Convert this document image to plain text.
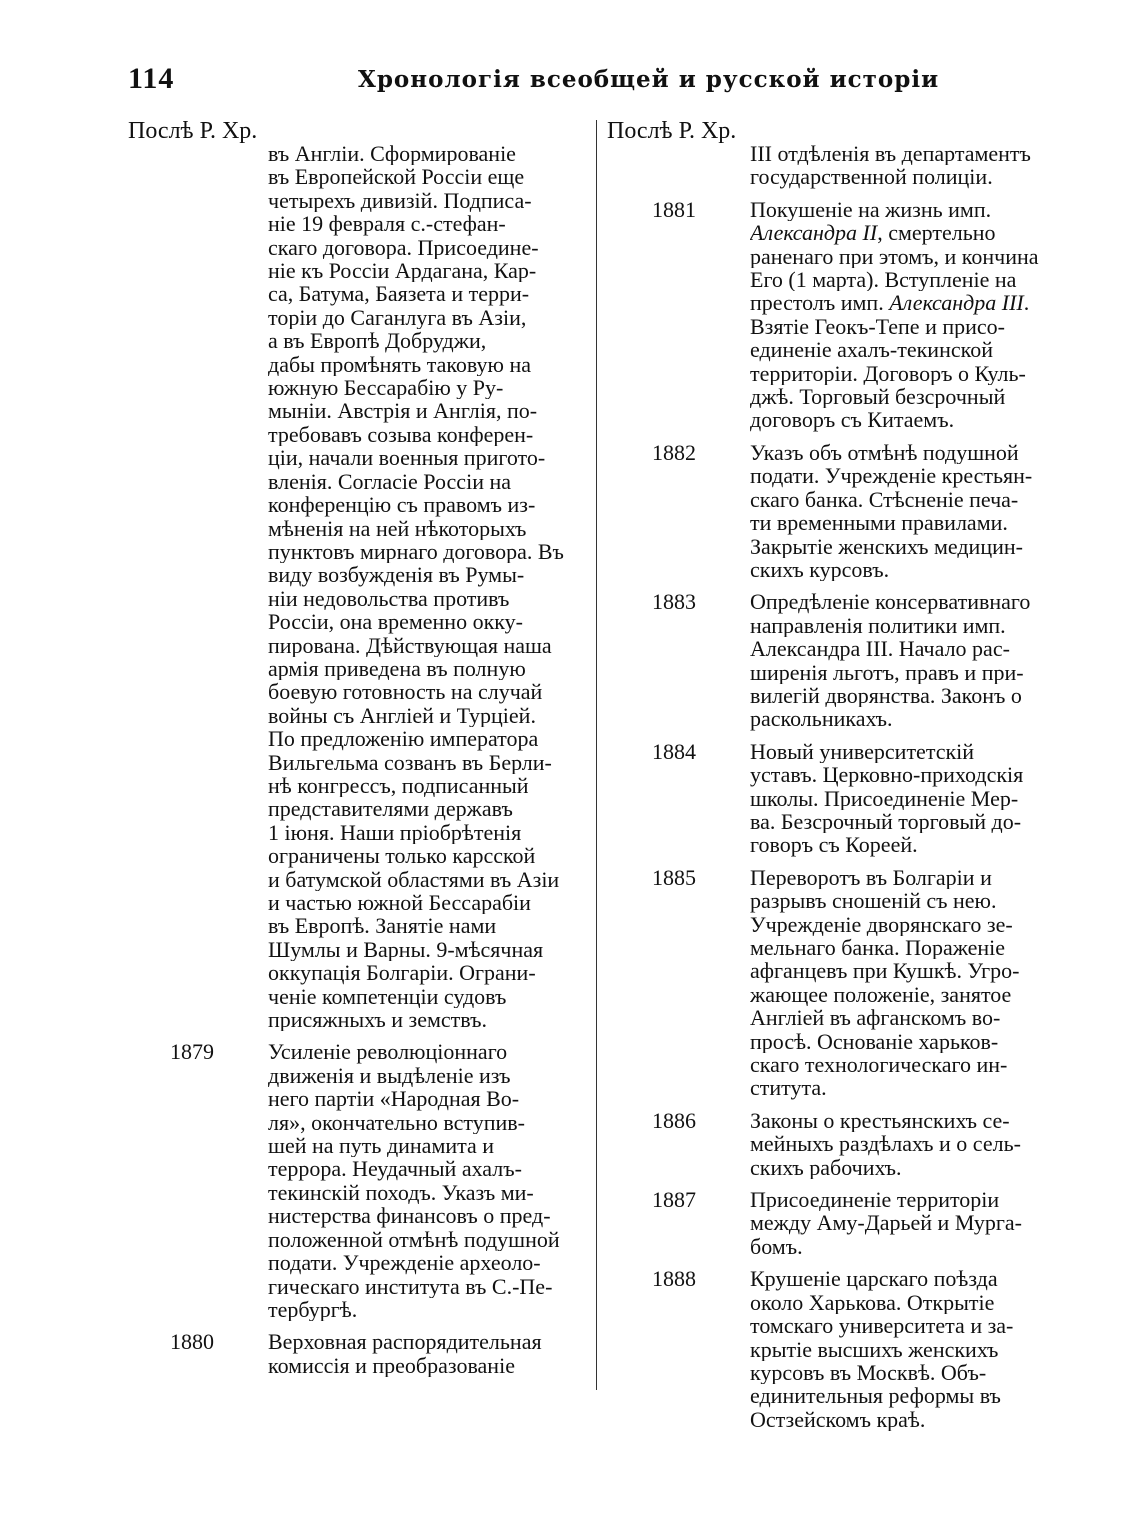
114	Хронологія всеобщей и русской исторіи
Послѣ Р. Хр.	Послѣ Р. Хр.
въ Англіи. Сформированіе
въ Европейской Россіи еще
четырехъ дивизій. Подписа-
ніе 19 февраля с.-стефан-
скаго договора. Присоедине-
ніе къ Россіи Ардагана, Кар-
са, Батума, Баязета и терри-
торіи до Саганлуга въ Азіи,
а въ Европѣ Добруджи,
дабы промѣнять таковую на
южную Бессарабію у Ру-
мыніи. Австрія и Англія, по-
требовавъ созыва конферен-
ціи, начали военныя пригото-
вленія. Согласіе Россіи на
конференцію съ правомъ из-
мѣненія на ней нѣкоторыхъ
пунктовъ мирнаго договора. Въ
виду возбужденія въ Румы-
ніи недовольства противъ
Россіи, она временно окку-
пирована. Дѣйствующая наша
армія приведена въ полную
боевую готовность на случай
войны съ Англіей и Турціей.
По предложенію императора
Вильгельма созванъ въ Берли-
нѣ конгрессъ, подписанный
представителями державъ
1 іюня. Наши пріобрѣтенія
ограничены только карсской
и батумской областями въ Азіи
и частью южной Бессарабіи
въ Европѣ. Занятіе нами
Шумлы и Варны. 9-мѣсячная
оккупація Болгаріи. Ограни-
ченіе компетенціи судовъ
присяжныхъ и земствъ.
1879	Усиленіе революціоннаго
движенія и выдѣленіе изъ
него партіи «Народная Во-
ля», окончательно вступив-
шей на путь динамита и
террора. Неудачный ахалъ-
текинскій походъ. Указъ ми-
нистерства финансовъ о пред-
положенной отмѣнѣ подушной
подати. Учрежденіе археоло-
гическаго института въ С.-Пе-
тербургѣ.
1880	Верховная распорядительная
комиссія и преобразованіе
III отдѣленія въ департаментъ
государственной полиціи.
1881	Покушеніе на жизнь имп.
Александра II, смертельно
раненаго при этомъ, и кончина
Его (1 марта). Вступленіе на
престолъ имп. Александра III.
Взятіе Геокъ-Тепе и присо-
единеніе ахалъ-текинской
территоріи. Договоръ о Куль-
джѣ. Торговый безсрочный
договоръ съ Китаемъ.
1882	Указъ объ отмѣнѣ подушной
подати. Учрежденіе крестьян-
скаго банка. Стѣсненіе печа-
ти временными правилами.
Закрытіе женскихъ медицин-
скихъ курсовъ.
1883	Опредѣленіе консервативнаго
направленія политики имп.
Александра III. Начало рас-
ширенія льготъ, правъ и при-
вилегій дворянства. Законъ о
раскольникахъ.
1884	Новый университетскій
уставъ. Церковно-приходскія
школы. Присоединеніе Мер-
ва. Безсрочный торговый до-
говоръ съ Кореей.
1885	Переворотъ въ Болгаріи и
разрывъ сношеній съ нею.
Учрежденіе дворянскаго зе-
мельнаго банка. Пораженіе
афганцевъ при Кушкѣ. Угро-
жающее положеніе, занятое
Англіей въ афганскомъ во-
просѣ. Основаніе харьков-
скаго технологическаго ин-
ститута.
1886	Законы о крестьянскихъ се-
мейныхъ раздѣлахъ и о сель-
скихъ рабочихъ.
1887	Присоединеніе территоріи
между Аму-Дарьей и Мурга-
бомъ.
1888	Крушеніе царскаго поѣзда
около Харькова. Открытіе
томскаго университета и за-
крытіе высшихъ женскихъ
курсовъ въ Москвѣ. Объ-
единительныя реформы въ
Остзейскомъ краѣ.
